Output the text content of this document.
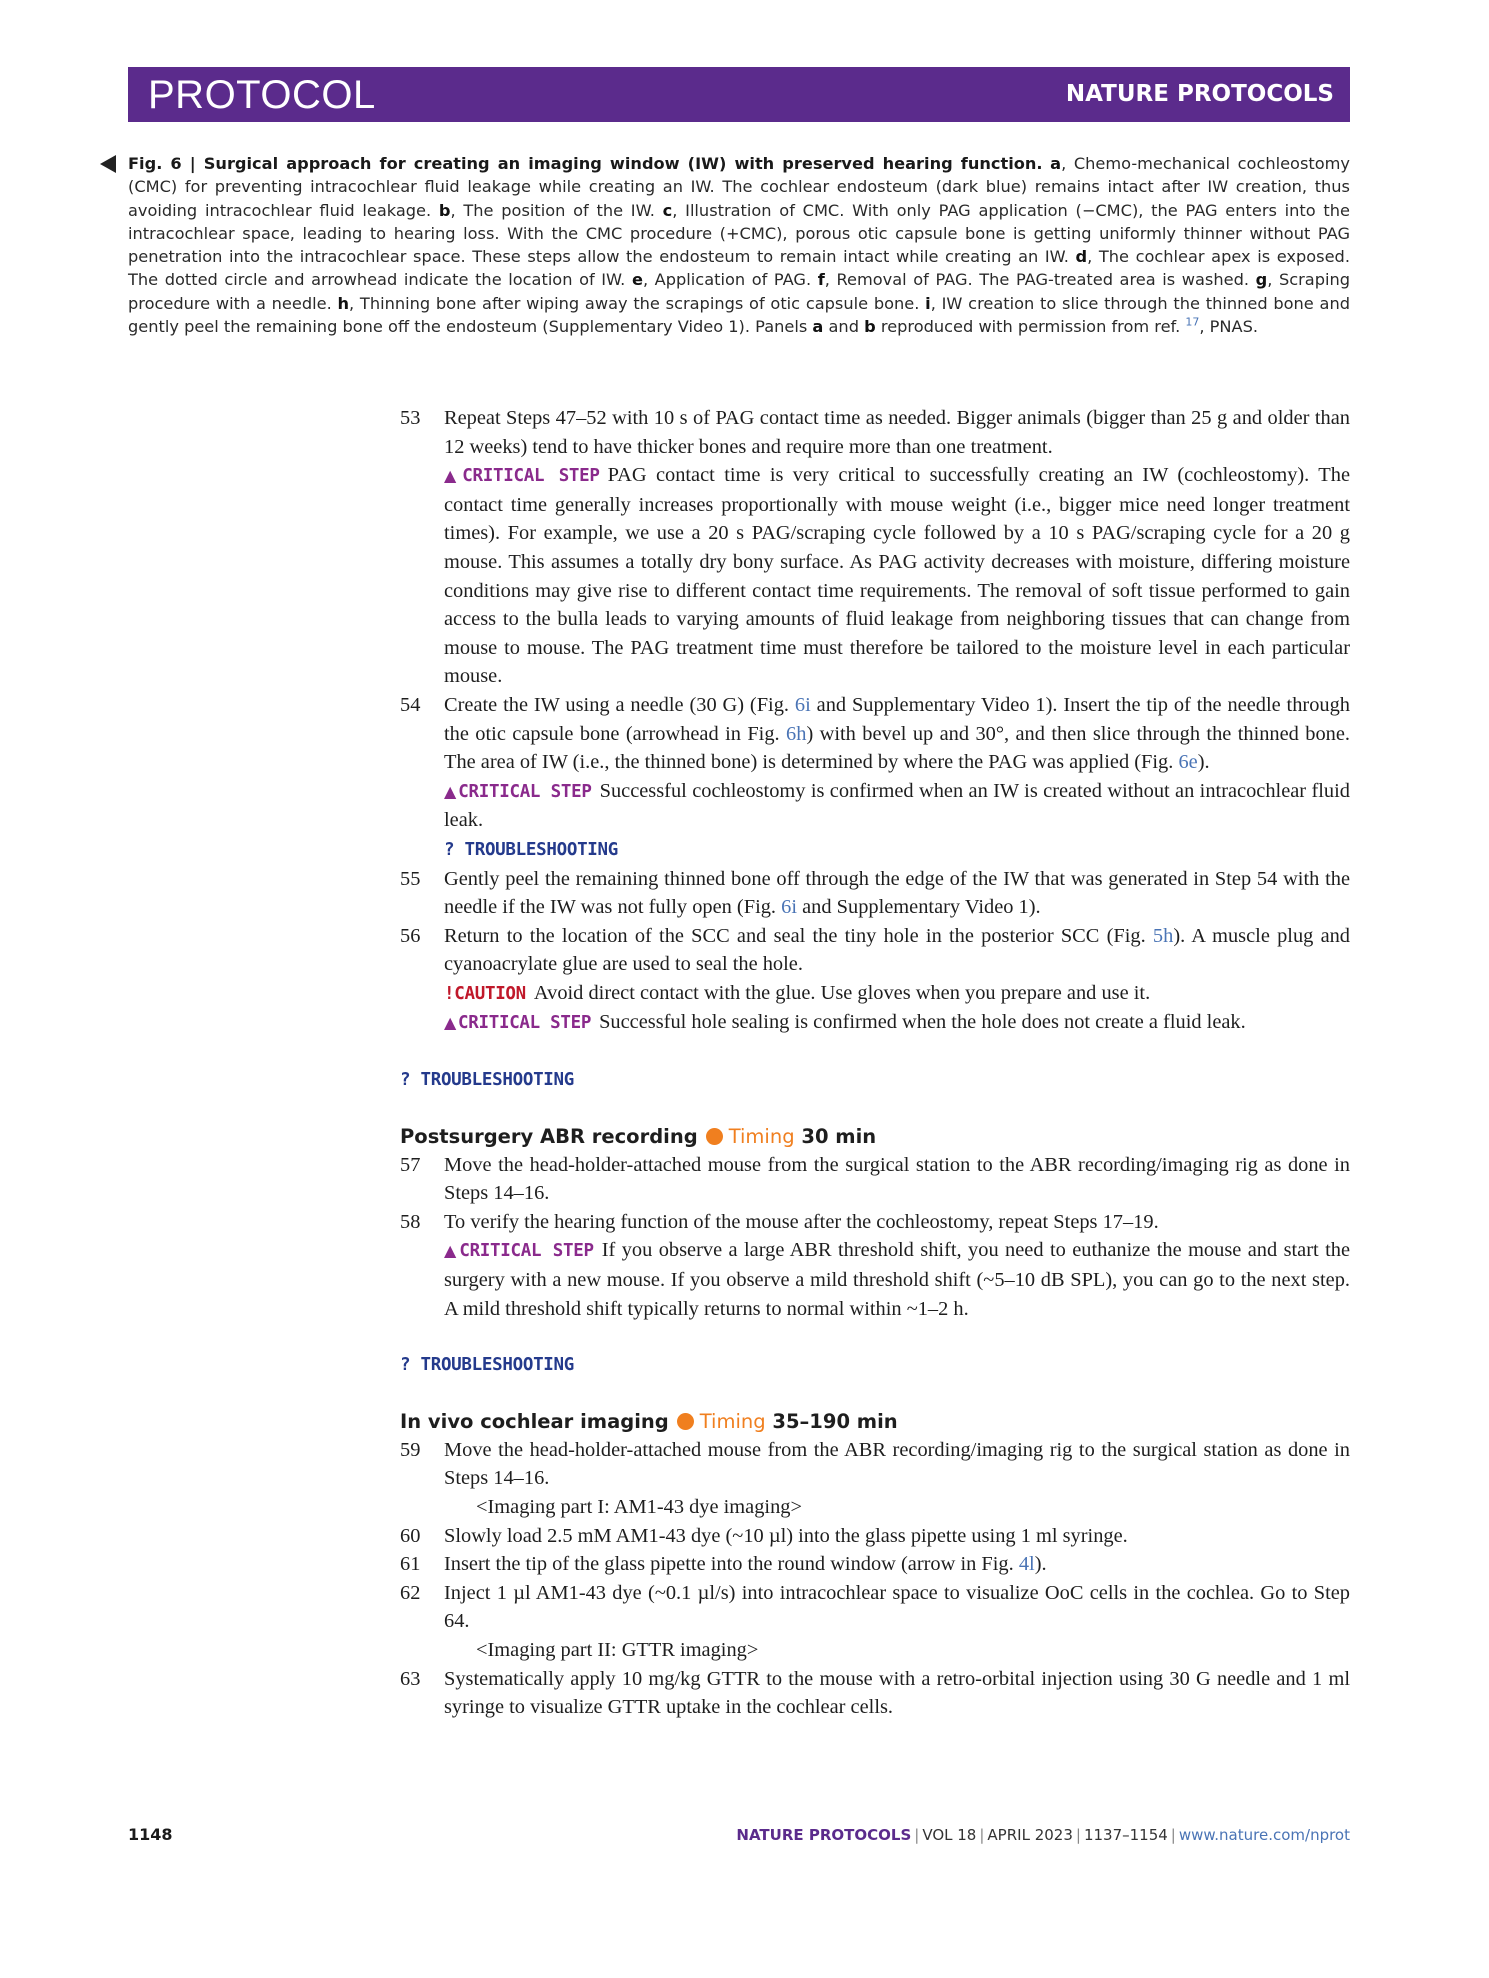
PROTOCOL	NATURE PROTOCOLS
Fig. 6 | Surgical approach for creating an imaging window (IW) with preserved hearing function. a, Chemo-mechanical cochleostomy (CMC) for preventing intracochlear fluid leakage while creating an IW. The cochlear endosteum (dark blue) remains intact after IW creation, thus avoiding intracochlear fluid leakage. b, The position of the IW. c, Illustration of CMC. With only PAG application (−CMC), the PAG enters into the intracochlear space, leading to hearing loss. With the CMC procedure (+CMC), porous otic capsule bone is getting uniformly thinner without PAG penetration into the intracochlear space. These steps allow the endosteum to remain intact while creating an IW. d, The cochlear apex is exposed. The dotted circle and arrowhead indicate the location of IW. e, Application of PAG. f, Removal of PAG. The PAG-treated area is washed. g, Scraping procedure with a needle. h, Thinning bone after wiping away the scrapings of otic capsule bone. i, IW creation to slice through the thinned bone and gently peel the remaining bone off the endosteum (Supplementary Video 1). Panels a and b reproduced with permission from ref. $^{17}$, PNAS.
53	Repeat Steps 47–52 with 10 s of PAG contact time as needed. Bigger animals (bigger than 25 g and older than 12 weeks) tend to have thicker bones and require more than one treatment.

▲ CRITICAL STEP PAG contact time is very critical to successfully creating an IW (cochleostomy). The contact time generally increases proportionally with mouse weight (i.e., bigger mice need longer treatment times). For example, we use a 20 s PAG/scraping cycle followed by a 10 s PAG/scraping cycle for a 20 g mouse. This assumes a totally dry bony surface. As PAG activity decreases with moisture, differing moisture conditions may give rise to different contact time requirements. The removal of soft tissue performed to gain access to the bulla leads to varying amounts of fluid leakage from neighboring tissues that can change from mouse to mouse. The PAG treatment time must therefore be tailored to the moisture level in each particular mouse.

54	Create the IW using a needle (30 G) (Fig. 6i and Supplementary Video 1). Insert the tip of the needle through the otic capsule bone (arrowhead in Fig. 6h) with bevel up and 30°, and then slice through the thinned bone. The area of IW (i.e., the thinned bone) is determined by where the PAG was applied (Fig. 6e).

▲ CRITICAL STEP Successful cochleostomy is confirmed when an IW is created without an intracochlear fluid leak.

? TROUBLESHOOTING

55	Gently peel the remaining thinned bone off through the edge of the IW that was generated in Step 54 with the needle if the IW was not fully open (Fig. 6i and Supplementary Video 1).

56	Return to the location of the SCC and seal the tiny hole in the posterior SCC (Fig. 5h). A muscle plug and cyanoacrylate glue are used to seal the hole.

!CAUTION Avoid direct contact with the glue. Use gloves when you prepare and use it.

▲ CRITICAL STEP Successful hole sealing is confirmed when the hole does not create a fluid leak.

? TROUBLESHOOTING
Postsurgery ABR recording Timing 30 min
57	Move the head-holder-attached mouse from the surgical station to the ABR recording/imaging rig as done in Steps 14–16.

58	To verify the hearing function of the mouse after the cochleostomy, repeat Steps 17–19.

▲ CRITICAL STEP If you observe a large ABR threshold shift, you need to euthanize the mouse and start the surgery with a new mouse. If you observe a mild threshold shift (~5–10 dB SPL), you can go to the next step. A mild threshold shift typically returns to normal within ~1–2 h.

? TROUBLESHOOTING
In vivo cochlear imaging Timing 35–190 min
59	Move the head-holder-attached mouse from the ABR recording/imaging rig to the surgical station as done in Steps 14–16.

<Imaging part I: AM1-43 dye imaging>

60	Slowly load 2.5 mM AM1-43 dye (~10 µl) into the glass pipette using 1 ml syringe.

61	Insert the tip of the glass pipette into the round window (arrow in Fig. 4l).

62	Inject 1 µl AM1-43 dye (~0.1 µl/s) into intracochlear space to visualize OoC cells in the cochlea. Go to Step 64.

<Imaging part II: GTTR imaging>

63	Systematically apply 10 mg/kg GTTR to the mouse with a retro-orbital injection using 30 G needle and 1 ml syringe to visualize GTTR uptake in the cochlear cells.

1148	NATURE PROTOCOLS | VOL 18 | APRIL 2023 | 1137–1154 | www.nature.com/nprot
